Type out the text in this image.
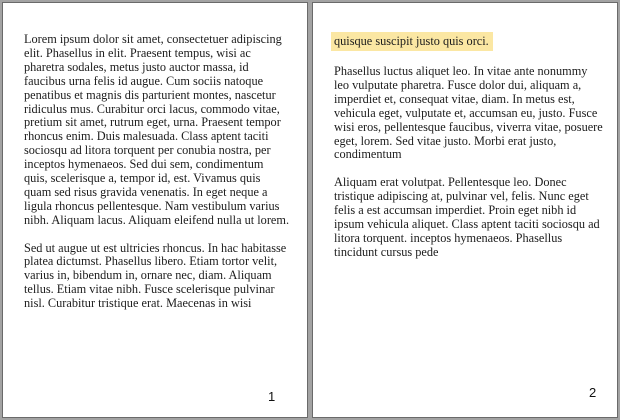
Lorem ipsum dolor sit amet, consectetuer adipiscing elit. Phasellus in elit. Praesent tempus, wisi ac pharetra sodales, metus justo auctor massa, id faucibus urna felis id augue. Cum sociis natoque penatibus et magnis dis parturient montes, nascetur ridiculus mus. Curabitur orci lacus, commodo vitae, pretium sit amet, rutrum eget, urna. Praesent tempor rhoncus enim. Duis malesuada. Class aptent taciti sociosqu ad litora torquent per conubia nostra, per inceptos hymenaeos. Sed dui sem, condimentum quis, scelerisque a, tempor id, est. Vivamus quis quam sed risus gravida venenatis. In eget neque a ligula rhoncus pellentesque. Nam vestibulum varius nibh. Aliquam lacus. Aliquam eleifend nulla ut lorem.

Sed ut augue ut est ultricies rhoncus. In hac habitasse platea dictumst. Phasellus libero. Etiam tortor velit, varius in, bibendum in, ornare nec, diam. Aliquam tellus. Etiam vitae nibh. Fusce scelerisque pulvinar nisl. Curabitur tristique erat. Maecenas in wisi

1
quisque suscipit justo quis orci.

Phasellus luctus aliquet leo. In vitae ante nonummy leo vulputate pharetra. Fusce dolor dui, aliquam a, imperdiet et, consequat vitae, diam. In metus est, vehicula eget, vulputate et, accumsan eu, justo. Fusce wisi eros, pellentesque faucibus, viverra vitae, posuere eget, lorem. Sed vitae justo. Morbi erat justo, condimentum

Aliquam erat volutpat. Pellentesque leo. Donec tristique adipiscing at, pulvinar vel, felis. Nunc eget felis a est accumsan imperdiet. Proin eget nibh id ipsum vehicula aliquet. Class aptent taciti sociosqu ad litora torquent. inceptos hymenaeos. Phasellus tincidunt cursus pede

2
